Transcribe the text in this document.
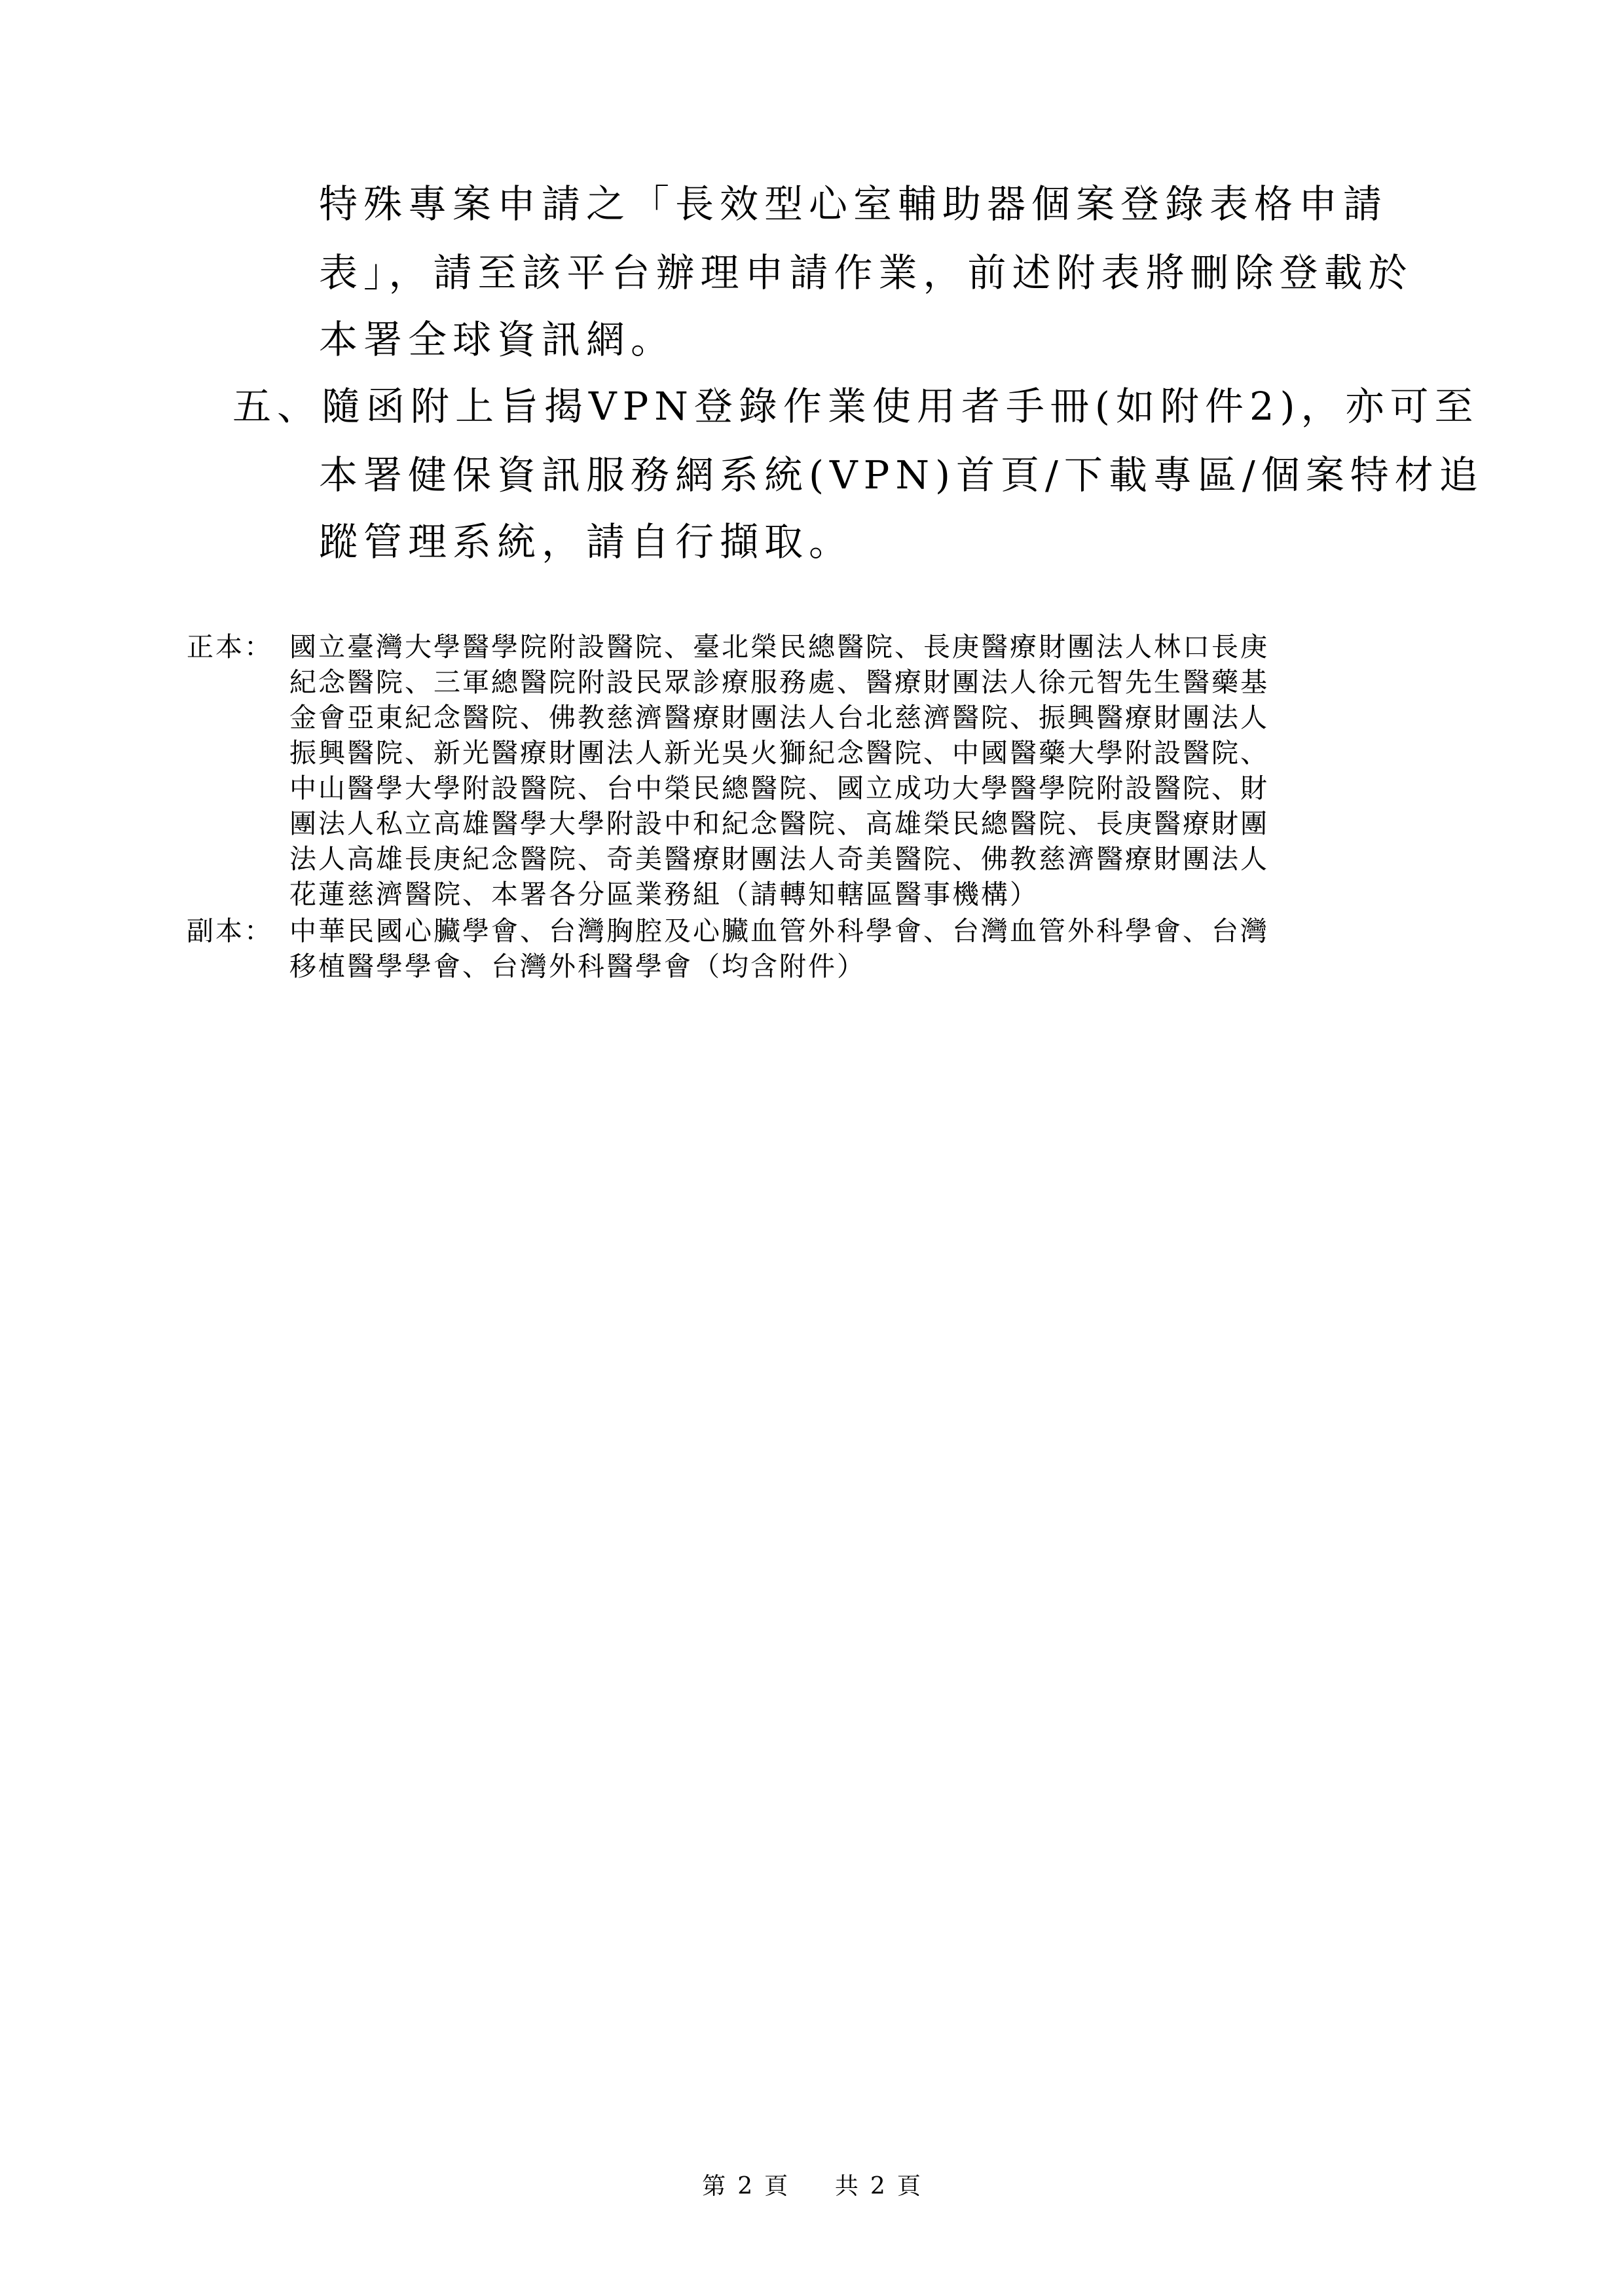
特殊專案申請之「長效型心室輔助器個案登錄表格申請
表」，請至該平台辦理申請作業，前述附表將刪除登載於
本署全球資訊網。
五、隨函附上旨揭VPN登錄作業使用者手冊(如附件2)，亦可至
本署健保資訊服務網系統(VPN)首頁/下載專區/個案特材追
蹤管理系統，請自行擷取。
正本： 國立臺灣大學醫學院附設醫院、臺北榮民總醫院、長庚醫療財團法人林口長庚
紀念醫院、三軍總醫院附設民眾診療服務處、醫療財團法人徐元智先生醫藥基
金會亞東紀念醫院、佛教慈濟醫療財團法人台北慈濟醫院、振興醫療財團法人
振興醫院、新光醫療財團法人新光吳火獅紀念醫院、中國醫藥大學附設醫院、
中山醫學大學附設醫院、台中榮民總醫院、國立成功大學醫學院附設醫院、財
團法人私立高雄醫學大學附設中和紀念醫院、高雄榮民總醫院、長庚醫療財團
法人高雄長庚紀念醫院、奇美醫療財團法人奇美醫院、佛教慈濟醫療財團法人
花蓮慈濟醫院、本署各分區業務組（請轉知轄區醫事機構）
副本： 中華民國心臟學會、台灣胸腔及心臟血管外科學會、台灣血管外科學會、台灣
移植醫學學會、台灣外科醫學會（均含附件）
第 2 頁 共 2 頁
